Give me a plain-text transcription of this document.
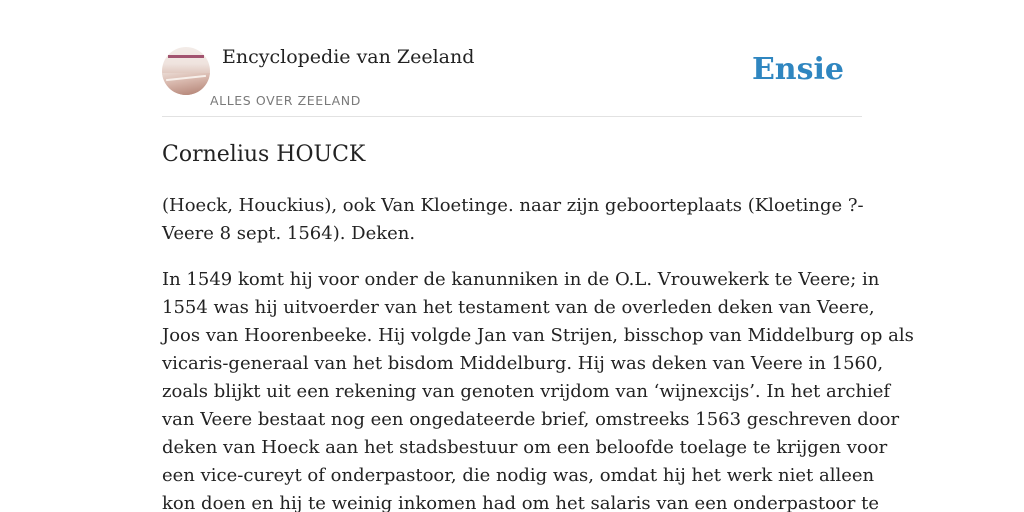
Encyclopedie van Zeeland
ALLES OVER ZEELAND
Ensie
Cornelius HOUCK
(Hoeck, Houckius), ook Van Kloetinge. naar zijn geboorteplaats (Kloetinge ?-
Veere 8 sept. 1564). Deken.
In 1549 komt hij voor onder de kanunniken in de O.L. Vrouwekerk te Veere; in
1554 was hij uitvoerder van het testament van de overleden deken van Veere,
Joos van Hoorenbeeke. Hij volgde Jan van Strijen, bisschop van Middelburg op als
vicaris-generaal van het bisdom Middelburg. Hij was deken van Veere in 1560,
zoals blijkt uit een rekening van genoten vrijdom van ‘wijnexcijs’. In het archief
van Veere bestaat nog een ongedateerde brief, omstreeks 1563 geschreven door
deken van Hoeck aan het stadsbestuur om een beloofde toelage te krijgen voor
een vice-cureyt of onderpastoor, die nodig was, omdat hij het werk niet alleen
kon doen en hij te weinig inkomen had om het salaris van een onderpastoor te
